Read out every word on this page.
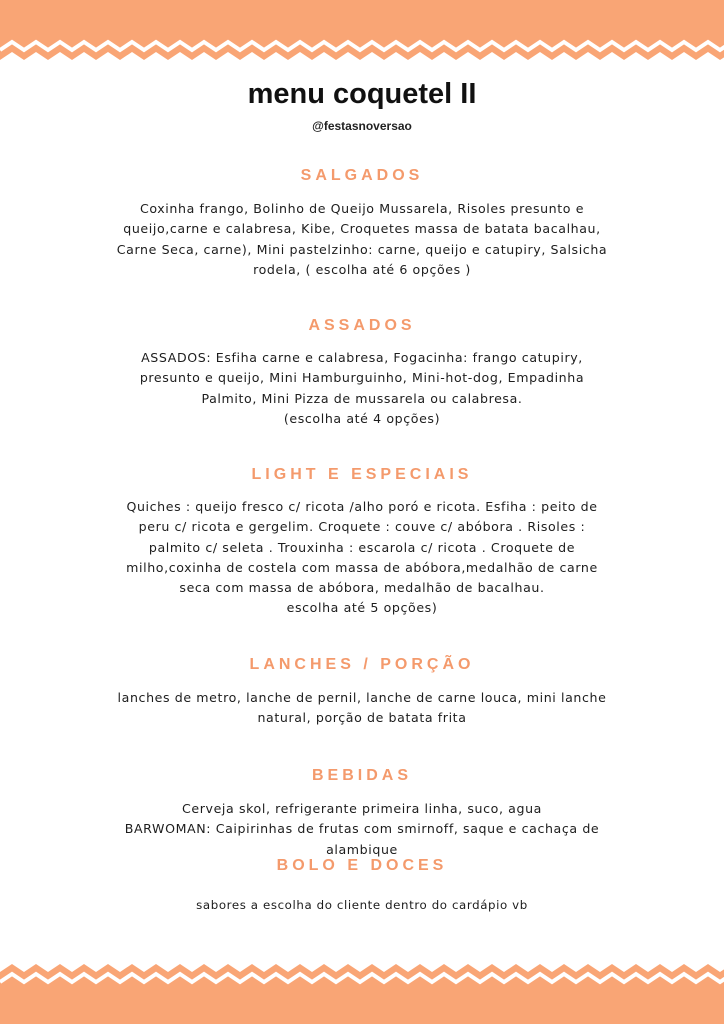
menu coquetel II
@festasnoversao
SALGADOS
Coxinha frango, Bolinho de Queijo Mussarela, Risoles presunto e
queijo,carne e calabresa, Kibe, Croquetes massa de batata bacalhau,
Carne Seca, carne), Mini pastelzinho: carne, queijo e catupiry, Salsicha
rodela, ( escolha até 6 opções )
ASSADOS
ASSADOS: Esfiha carne e calabresa, Fogacinha: frango catupiry,
presunto e queijo, Mini Hamburguinho, Mini-hot-dog, Empadinha
Palmito, Mini Pizza de mussarela ou calabresa.
(escolha até 4 opções)
LIGHT E ESPECIAIS
Quiches : queijo fresco c/ ricota /alho poró e ricota. Esfiha : peito de
peru c/ ricota e gergelim. Croquete : couve c/ abóbora . Risoles :
palmito c/ seleta . Trouxinha : escarola c/ ricota . Croquete de
milho,coxinha de costela com massa de abóbora,medalhão de carne
seca com massa de abóbora, medalhão de bacalhau.
escolha até 5 opções)
LANCHES / PORÇÃO
lanches de metro, lanche de pernil, lanche de carne louca, mini lanche
natural, porção de batata frita
BEBIDAS
Cerveja skol, refrigerante primeira linha, suco, agua
BARWOMAN: Caipirinhas de frutas com smirnoff, saque e cachaça de
alambique
BOLO E DOCES
sabores a escolha do cliente dentro do cardápio vb
